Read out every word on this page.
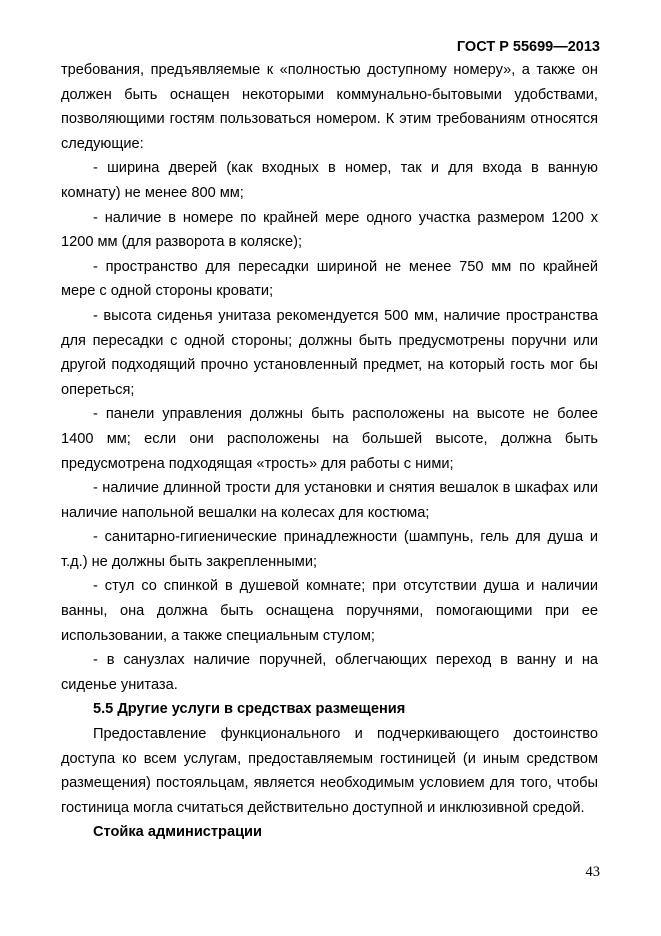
ГОСТ Р 55699—2013

требования, предъявляемые к «полностью доступному номеру», а также он должен быть оснащен некоторыми коммунально-бытовыми удобствами, позволяющими гостям пользоваться номером. К этим требованиям относятся следующие:

- ширина дверей (как входных в номер, так и для входа в ванную комнату) не менее 800 мм;

- наличие в номере по крайней мере одного участка размером 1200 х 1200 мм (для разворота в коляске);

- пространство для пересадки шириной не менее 750 мм по крайней мере с одной стороны кровати;

- высота сиденья унитаза рекомендуется 500 мм, наличие пространства для пересадки с одной стороны; должны быть предусмотрены поручни или другой подходящий прочно установленный предмет, на который гость мог бы опереться;

- панели управления должны быть расположены на высоте не более 1400 мм; если они расположены на большей высоте, должна быть предусмотрена подходящая «трость» для работы с ними;

- наличие длинной трости для установки и снятия вешалок в шкафах или наличие напольной вешалки на колесах для костюма;

- санитарно-гигиенические принадлежности (шампунь, гель для душа и т.д.) не должны быть закрепленными;

- стул со спинкой в душевой комнате; при отсутствии душа и наличии ванны, она должна быть оснащена поручнями, помогающими при ее использовании, а также специальным стулом;

- в санузлах наличие поручней, облегчающих переход в ванну и на сиденье унитаза.

5.5 Другие услуги в средствах размещения

Предоставление функционального и подчеркивающего достоинство доступа ко всем услугам, предоставляемым гостиницей (и иным средством размещения) постояльцам, является необходимым условием для того, чтобы гостиница могла считаться действительно доступной и инклюзивной средой.

Стойка администрации

43
